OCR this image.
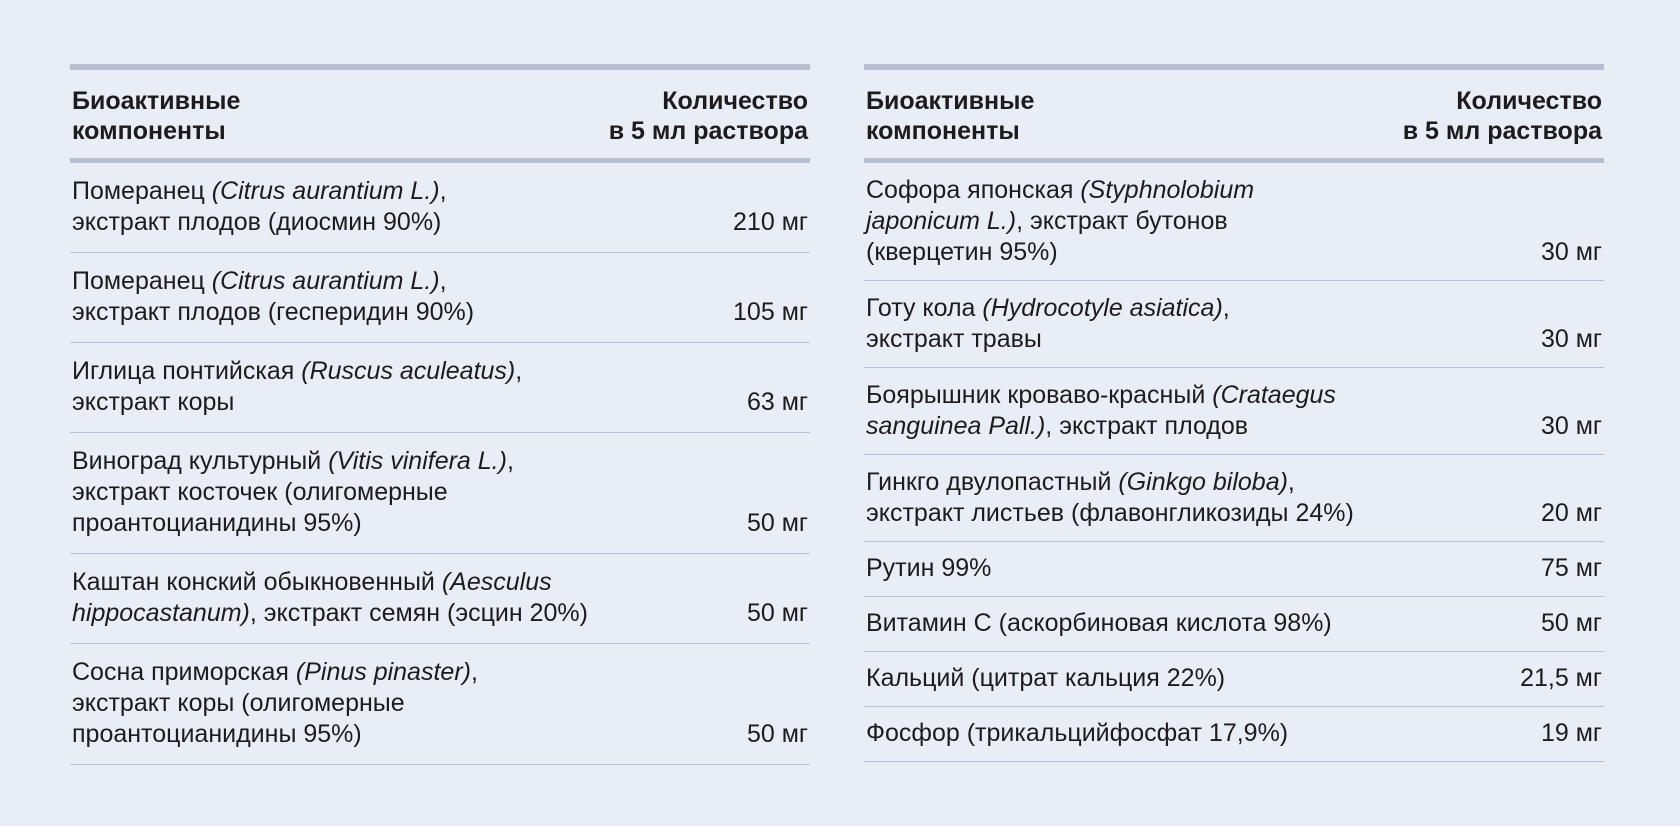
Биоактивные
компоненты
Количество
в 5 мл раствора
Померанец (Citrus aurantium L.),
экстракт плодов (диосмин 90%)	210 мг
Померанец (Citrus aurantium L.),
экстракт плодов (гесперидин 90%)	105 мг
Иглица понтийская (Ruscus aculeatus),
экстракт коры	63 мг
Виноград культурный (Vitis vinifera L.),
экстракт косточек (олигомерные
проантоцианидины 95%)	50 мг
Каштан конский обыкновенный (Aesculus
hippocastanum), экстракт семян (эсцин 20%)	50 мг
Сосна приморская (Pinus pinaster),
экстракт коры (олигомерные
проантоцианидины 95%)	50 мг
Биоактивные
компоненты
Количество
в 5 мл раствора
Софора японская (Styphnolobium
japonicum L.), экстракт бутонов
(кверцетин 95%)	30 мг
Готу кола (Hydrocotyle asiatica),
экстракт травы	30 мг
Боярышник кроваво-красный (Crataegus
sanguinea Pall.), экстракт плодов	30 мг
Гинкго двулопастный (Ginkgo biloba),
экстракт листьев (флавонгликозиды 24%)	20 мг
Рутин 99%	75 мг
Витамин С (аскорбиновая кислота 98%)	50 мг
Кальций (цитрат кальция 22%)	21,5 мг
Фосфор (трикальцийфосфат 17,9%)	19 мг
